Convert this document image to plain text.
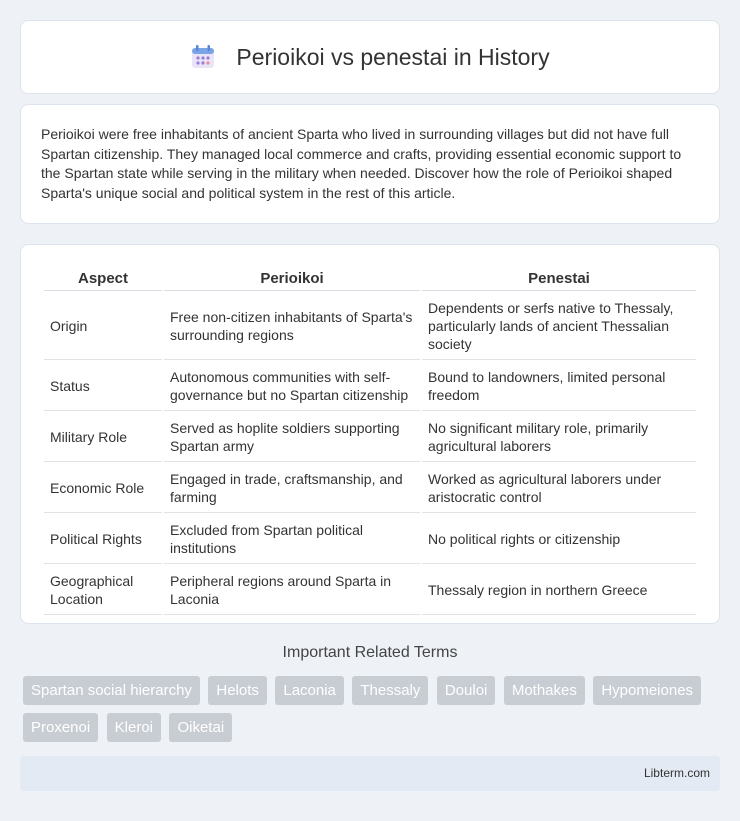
Perioikoi vs penestai in History

Perioikoi were free inhabitants of ancient Sparta who lived in surrounding villages but did not have full Spartan citizenship. They managed local commerce and crafts, providing essential economic support to the Spartan state while serving in the military when needed. Discover how the role of Perioikoi shaped Sparta's unique social and political system in the rest of this article.

Aspect	Perioikoi	Penestai
Origin	Free non-citizen inhabitants of Sparta's surrounding regions	Dependents or serfs native to Thessaly, particularly lands of ancient Thessalian society
Status	Autonomous communities with self-governance but no Spartan citizenship	Bound to landowners, limited personal freedom
Military Role	Served as hoplite soldiers supporting Spartan army	No significant military role, primarily agricultural laborers
Economic Role	Engaged in trade, craftsmanship, and farming	Worked as agricultural laborers under aristocratic control
Political Rights	Excluded from Spartan political institutions	No political rights or citizenship
Geographical Location	Peripheral regions around Sparta in Laconia	Thessaly region in northern Greece
Important Related Terms
Spartan social hierarchy Helots Laconia Thessaly Douloi Mothakes Hypomeiones Proxenoi Kleroi Oiketai
Libterm.com
